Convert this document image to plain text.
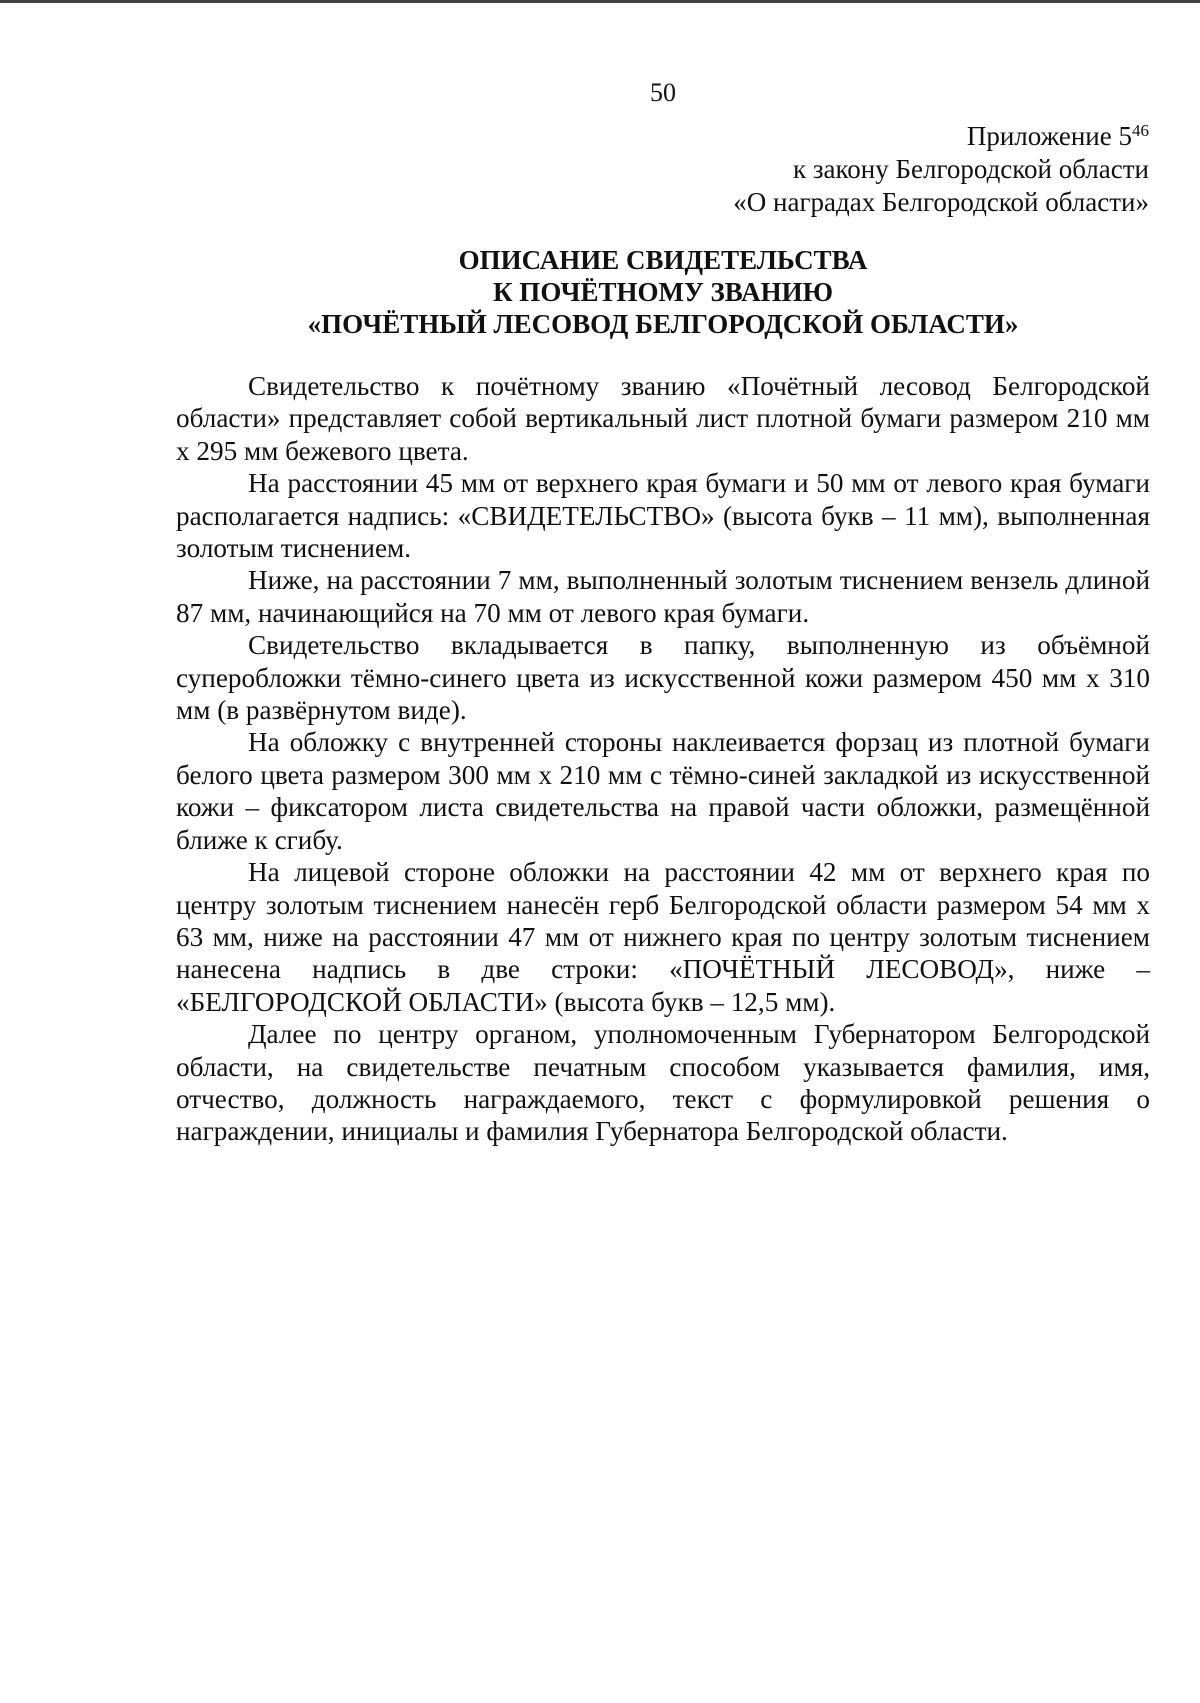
50
Приложение $5^{46}$
к закону Белгородской области
«О наградах Белгородской области»
ОПИСАНИЕ СВИДЕТЕЛЬСТВА
К ПОЧЁТНОМУ ЗВАНИЮ
«ПОЧЁТНЫЙ ЛЕСОВОД БЕЛГОРОДСКОЙ ОБЛАСТИ»

Свидетельство к почётному званию «Почётный лесовод Белгородской области» представляет собой вертикальный лист плотной бумаги размером 210 мм х 295 мм бежевого цвета.

На расстоянии 45 мм от верхнего края бумаги и 50 мм от левого края бумаги располагается надпись: «СВИДЕТЕЛЬСТВО» (высота букв – 11 мм), выполненная золотым тиснением.

Ниже, на расстоянии 7 мм, выполненный золотым тиснением вензель длиной 87 мм, начинающийся на 70 мм от левого края бумаги.

Свидетельство вкладывается в папку, выполненную из объёмной суперобложки тёмно-синего цвета из искусственной кожи размером 450 мм х 310 мм (в развёрнутом виде).

На обложку с внутренней стороны наклеивается форзац из плотной бумаги белого цвета размером 300 мм х 210 мм с тёмно-синей закладкой из искусственной кожи – фиксатором листа свидетельства на правой части обложки, размещённой ближе к сгибу.

На лицевой стороне обложки на расстоянии 42 мм от верхнего края по центру золотым тиснением нанесён герб Белгородской области размером 54 мм х 63 мм, ниже на расстоянии 47 мм от нижнего края по центру золотым тиснением нанесена надпись в две строки: «ПОЧЁТНЫЙ ЛЕСОВОД», ниже – «БЕЛГОРОДСКОЙ ОБЛАСТИ» (высота букв – 12,5 мм).

Далее по центру органом, уполномоченным Губернатором Белгородской области, на свидетельстве печатным способом указывается фамилия, имя, отчество, должность награждаемого, текст с формулировкой решения о награждении, инициалы и фамилия Губернатора Белгородской области.
